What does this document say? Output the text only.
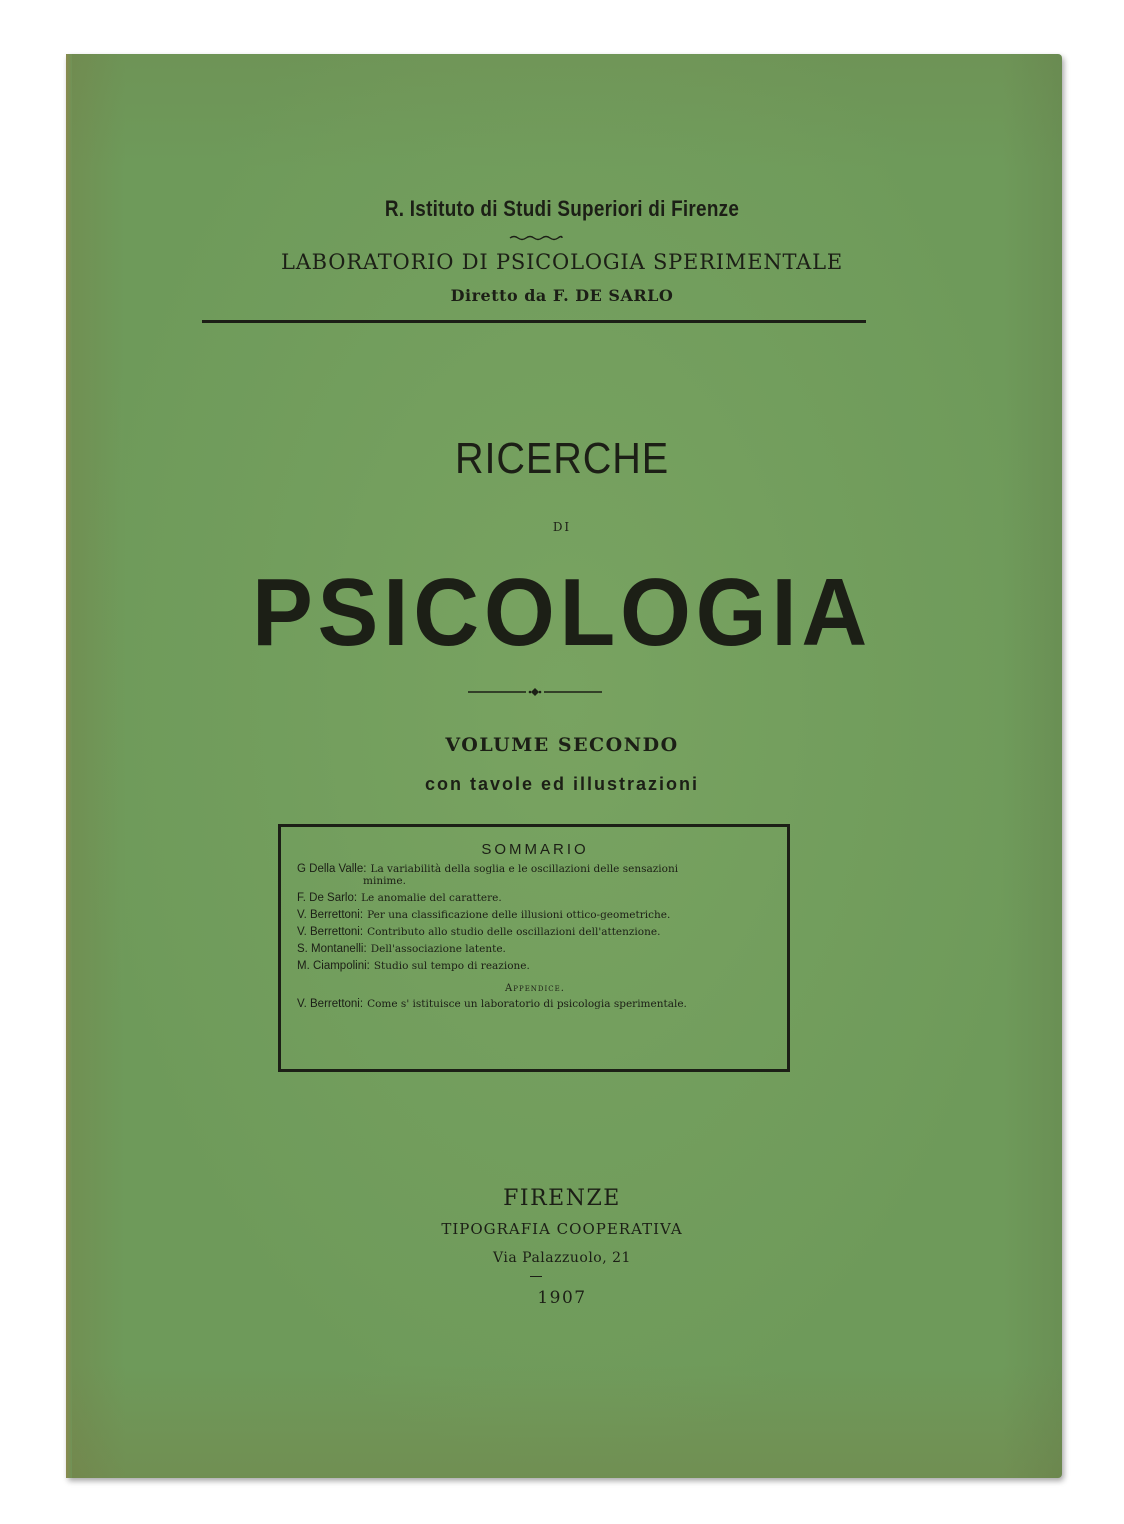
R. Istituto di Studi Superiori di Firenze
LABORATORIO DI PSICOLOGIA SPERIMENTALE
Diretto da F. DE SARLO
RICERCHE
DI
PSICOLOGIA
VOLUME SECONDO
con tavole ed illustrazioni
SOMMARIO
G Della Valle: La variabilità della soglia e le oscillazioni delle sensazioni
minime.
F. De Sarlo: Le anomalie del carattere.
V. Berrettoni: Per una classificazione delle illusioni ottico-geometriche.
V. Berrettoni: Contributo allo studio delle oscillazioni dell'attenzione.
S. Montanelli: Dell'associazione latente.
M. Ciampolini: Studio sul tempo di reazione.
Appendice.
V. Berrettoni: Come s' istituisce un laboratorio di psicologia sperimentale.
FIRENZE
TIPOGRAFIA COOPERATIVA
Via Palazzuolo, 21
1907
